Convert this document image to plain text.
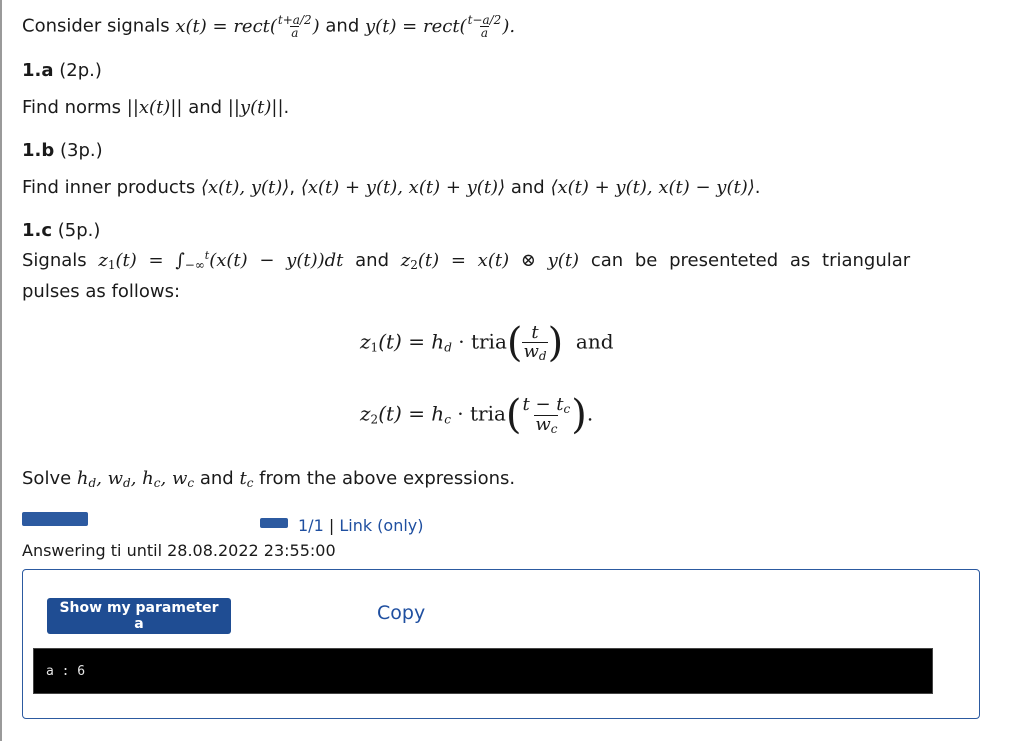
Consider signals x(t) = rect( $\frac{t+a/2}{a}$ ) and y(t) = rect( $\frac{t-a/2}{a}$ ).
1.a (2p.)
Find norms ||x(t)|| and ||y(t)||.
1.b (3p.)
Find inner products ⟨x(t), y(t)⟩, ⟨x(t) + y(t), x(t) + y(t)⟩ and ⟨x(t) + y(t), x(t) − y(t)⟩.
1.c (5p.)
Signals $z_1(t) = \int_{-\infty}^t(x(t) - y(t))dt$ and $z_2(t) = x(t)$ ⊗ y(t) can be presenteted as triangular
pulses as follows:
$z_1(t) = h_d$ · tria( $\frac{t}{w_d}$ ) and
$z_2(t) = h_c$ · tria( $\frac{t - t_c}{w_c}$ ).
Solve $h_d$, $w_d$, $h_c$, $w_c$ and $t_c$ from the above expressions.
1/1 | Link (only)
Answering ti until 28.08.2022 23:55:00
Show my parameter a	Copy
a : 6
